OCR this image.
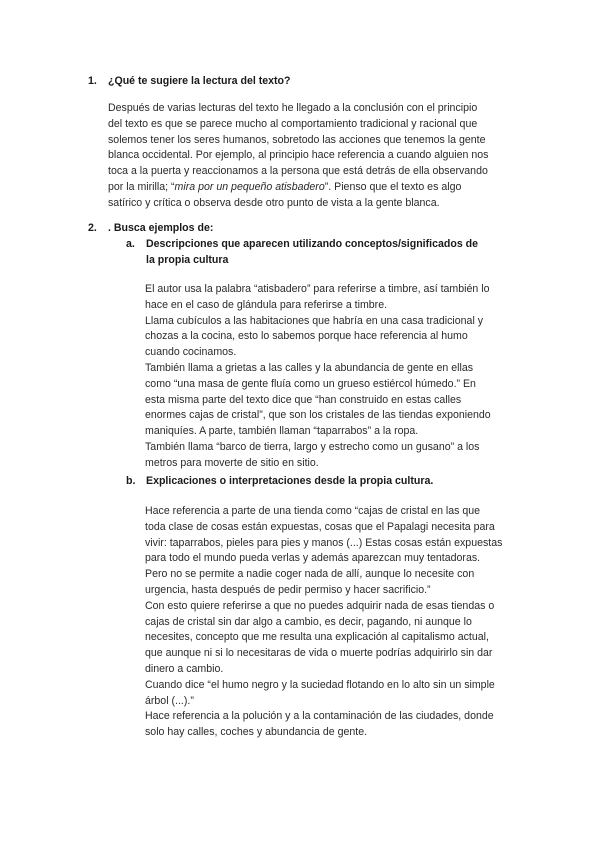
1. ¿Qué te sugiere la lectura del texto?

Después de varias lecturas del texto he llegado a la conclusión con el principio

del texto es que se parece mucho al comportamiento tradicional y racional que

solemos tener los seres humanos, sobretodo las acciones que tenemos la gente

blanca occidental. Por ejemplo, al principio hace referencia a cuando alguien nos

toca a la puerta y reaccionamos a la persona que está detrás de ella observando

por la mirilla; “mira por un pequeño atisbadero”. Pienso que el texto es algo

satírico y crítica o observa desde otro punto de vista a la gente blanca.

2. . Busca ejemplos de:
a. Descripciones que aparecen utilizando conceptos/significados de
la propia cultura

El autor usa la palabra “atisbadero” para referirse a timbre, así también lo

hace en el caso de glándula para referirse a timbre.

Llama cubículos a las habitaciones que habría en una casa tradicional y

chozas a la cocina, esto lo sabemos porque hace referencia al humo

cuando cocinamos.

También llama a grietas a las calles y la abundancia de gente en ellas

como “una masa de gente fluía como un grueso estiércol húmedo.” En

esta misma parte del texto dice que “han construido en estas calles

enormes cajas de cristal”, que son los cristales de las tiendas exponiendo

maniquíes. A parte, también llaman “taparrabos” a la ropa.

También llama “barco de tierra, largo y estrecho como un gusano” a los

metros para moverte de sitio en sitio.

b. Explicaciones o interpretaciones desde la propia cultura.

Hace referencia a parte de una tienda como “cajas de cristal en las que

toda clase de cosas están expuestas, cosas que el Papalagi necesita para

vivir: taparrabos, pieles para pies y manos (...) Estas cosas están expuestas

para todo el mundo pueda verlas y además aparezcan muy tentadoras.

Pero no se permite a nadie coger nada de allí, aunque lo necesite con

urgencia, hasta después de pedir permiso y hacer sacrificio.”

Con esto quiere referirse a que no puedes adquirir nada de esas tiendas o

cajas de cristal sin dar algo a cambio, es decir, pagando, ni aunque lo

necesites, concepto que me resulta una explicación al capitalismo actual,

que aunque ni si lo necesitaras de vida o muerte podrías adquirirlo sin dar

dinero a cambio.

Cuando dice “el humo negro y la suciedad flotando en lo alto sin un simple

árbol (...).”

Hace referencia a la polución y a la contaminación de las ciudades, donde

solo hay calles, coches y abundancia de gente.
